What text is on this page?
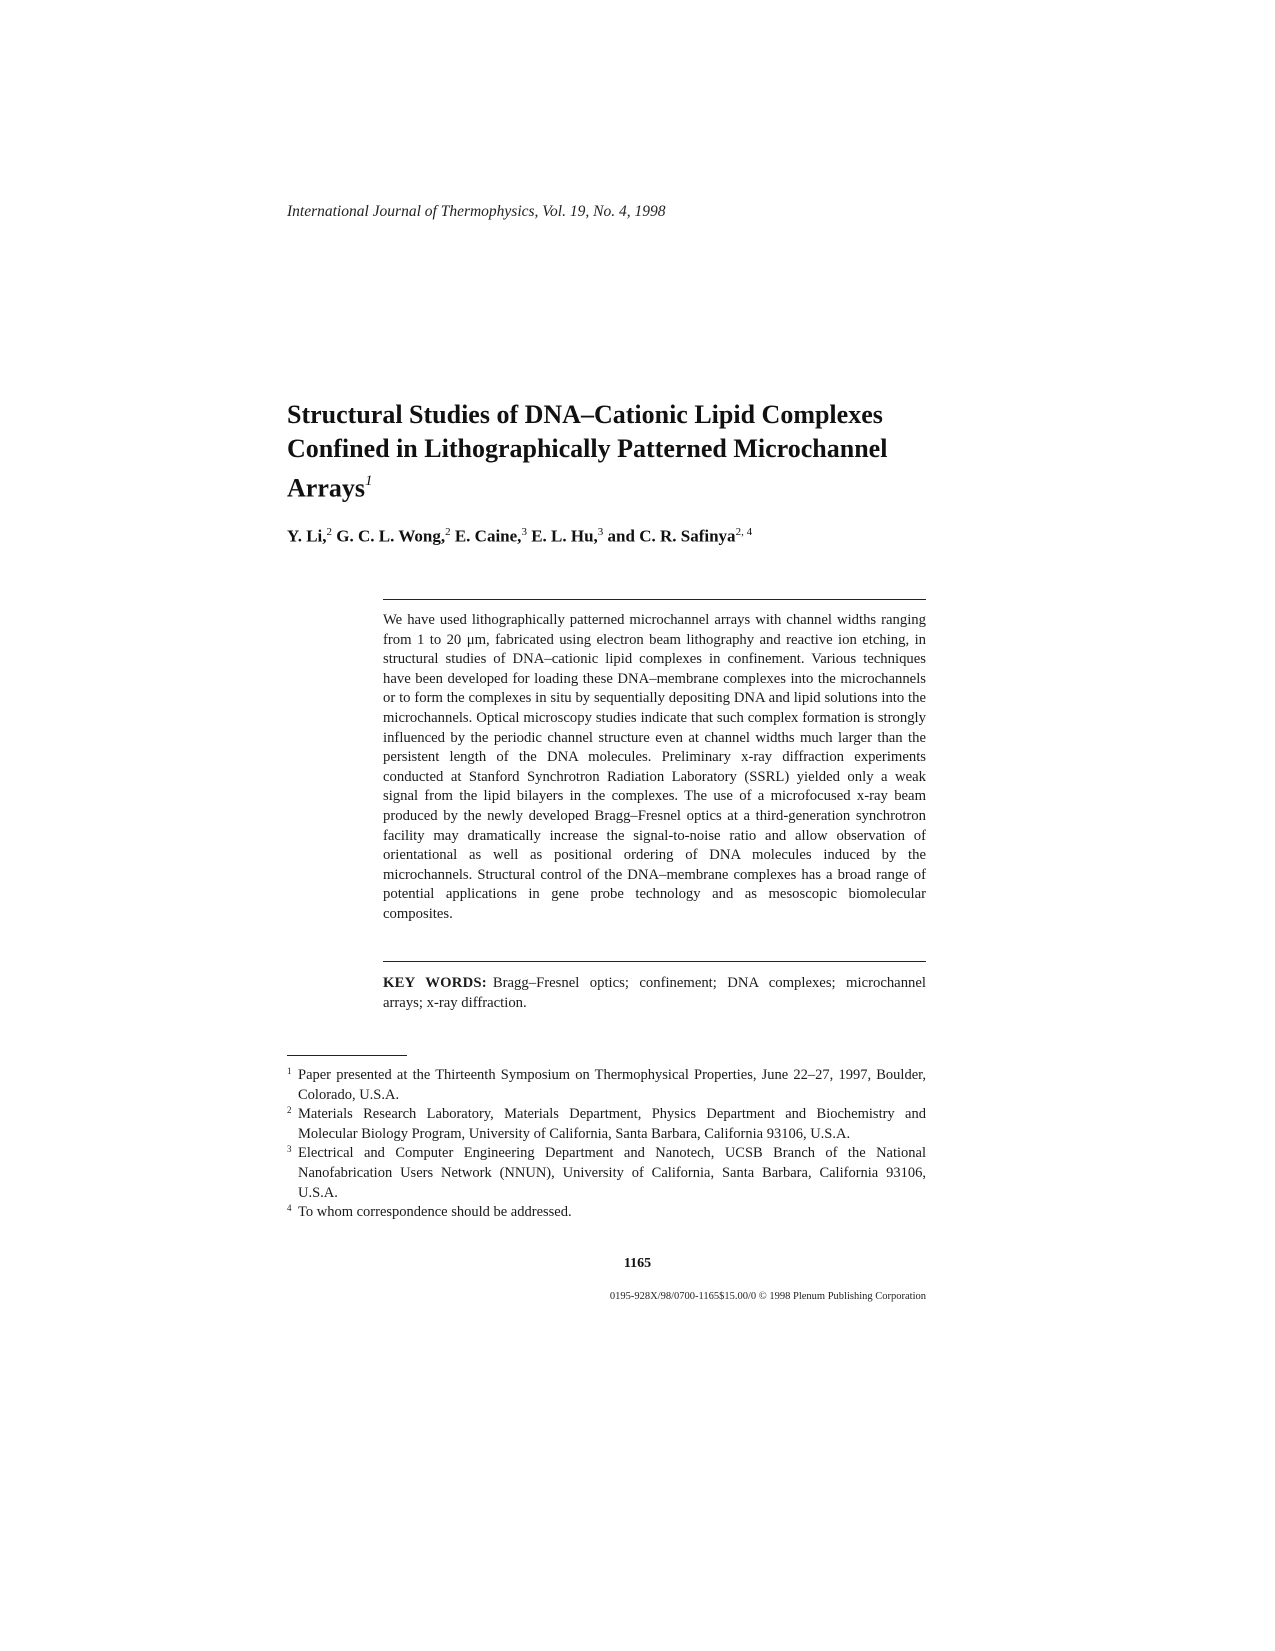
International Journal of Thermophysics, Vol. 19, No. 4, 1998
Structural Studies of DNA–Cationic Lipid Complexes Confined in Lithographically Patterned Microchannel Arrays$^1$
Y. Li,$^2$ G. C. L. Wong,$^2$ E. Caine,$^3$ E. L. Hu,$^3$ and C. R. Safinya$^{2, 4}$

We have used lithographically patterned microchannel arrays with channel widths ranging from 1 to 20 μm, fabricated using electron beam lithography and reactive ion etching, in structural studies of DNA–cationic lipid complexes in confinement. Various techniques have been developed for loading these DNA–membrane complexes into the microchannels or to form the complexes in situ by sequentially depositing DNA and lipid solutions into the microchannels. Optical microscopy studies indicate that such complex formation is strongly influenced by the periodic channel structure even at channel widths much larger than the persistent length of the DNA molecules. Preliminary x-ray diffraction experiments conducted at Stanford Synchrotron Radiation Laboratory (SSRL) yielded only a weak signal from the lipid bilayers in the complexes. The use of a microfocused x-ray beam produced by the newly developed Bragg–Fresnel optics at a third-generation synchrotron facility may dramatically increase the signal-to-noise ratio and allow observation of orientational as well as positional ordering of DNA molecules induced by the microchannels. Structural control of the DNA–membrane complexes has a broad range of potential applications in gene probe technology and as mesoscopic biomolecular composites.

KEY WORDS: Bragg–Fresnel optics; confinement; DNA complexes; microchannel arrays; x-ray diffraction.

1 Paper presented at the Thirteenth Symposium on Thermophysical Properties, June 22–27, 1997, Boulder, Colorado, U.S.A.
2 Materials Research Laboratory, Materials Department, Physics Department and Biochemistry and Molecular Biology Program, University of California, Santa Barbara, California 93106, U.S.A.
3 Electrical and Computer Engineering Department and Nanotech, UCSB Branch of the National Nanofabrication Users Network (NNUN), University of California, Santa Barbara, California 93106, U.S.A.
4 To whom correspondence should be addressed.
1165
0195-928X/98/0700-1165$15.00/0 © 1998 Plenum Publishing Corporation
